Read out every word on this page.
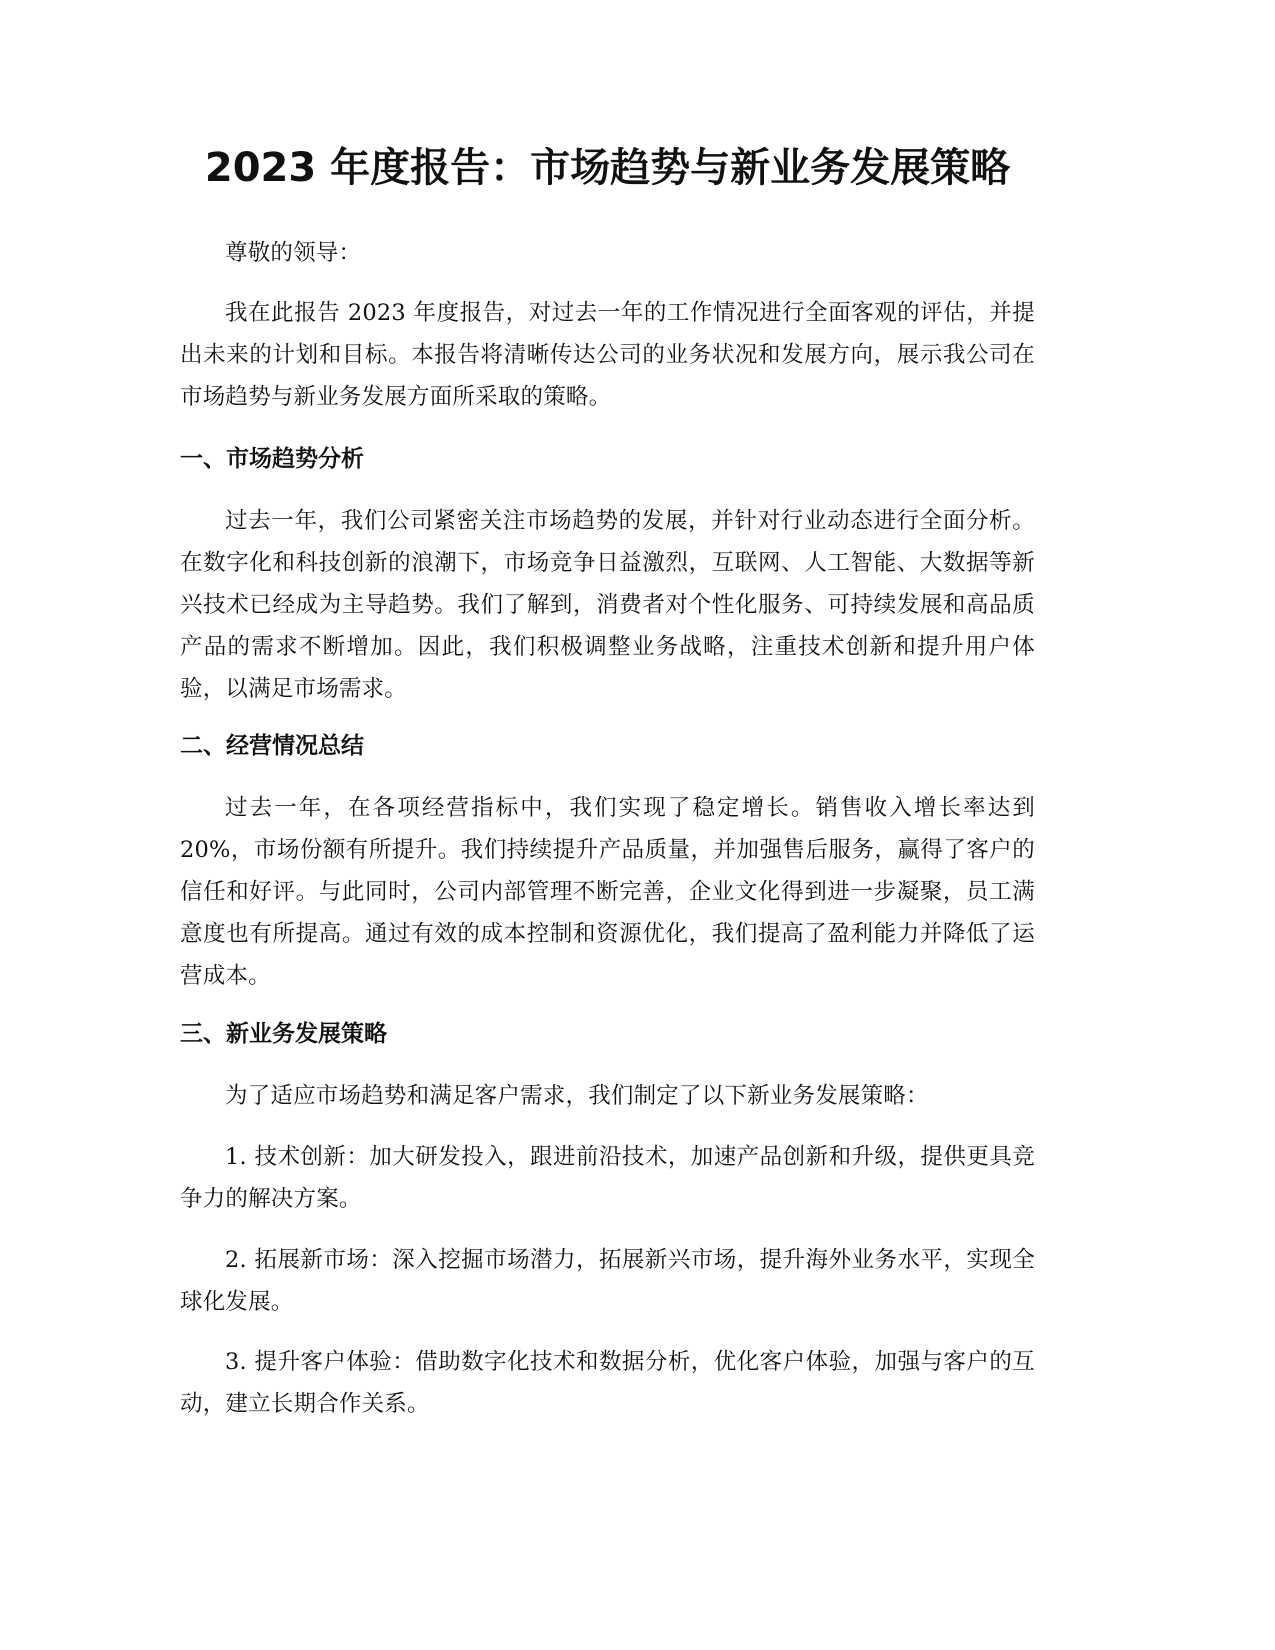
2023 年度报告：市场趋势与新业务发展策略

尊敬的领导：

我在此报告 2023 年度报告，对过去一年的工作情况进行全面客观的评估，并提出未来的计划和目标。本报告将清晰传达公司的业务状况和发展方向，展示我公司在市场趋势与新业务发展方面所采取的策略。

一、市场趋势分析

过去一年，我们公司紧密关注市场趋势的发展，并针对行业动态进行全面分析。在数字化和科技创新的浪潮下，市场竞争日益激烈，互联网、人工智能、大数据等新兴技术已经成为主导趋势。我们了解到，消费者对个性化服务、可持续发展和高品质产品的需求不断增加。因此，我们积极调整业务战略，注重技术创新和提升用户体验，以满足市场需求。

二、经营情况总结

过去一年，在各项经营指标中，我们实现了稳定增长。销售收入增长率达到 20%，市场份额有所提升。我们持续提升产品质量，并加强售后服务，赢得了客户的信任和好评。与此同时，公司内部管理不断完善，企业文化得到进一步凝聚，员工满意度也有所提高。通过有效的成本控制和资源优化，我们提高了盈利能力并降低了运营成本。

三、新业务发展策略

为了适应市场趋势和满足客户需求，我们制定了以下新业务发展策略：

1. 技术创新：加大研发投入，跟进前沿技术，加速产品创新和升级，提供更具竞争力的解决方案。

2. 拓展新市场：深入挖掘市场潜力，拓展新兴市场，提升海外业务水平，实现全球化发展。

3. 提升客户体验：借助数字化技术和数据分析，优化客户体验，加强与客户的互动，建立长期合作关系。
